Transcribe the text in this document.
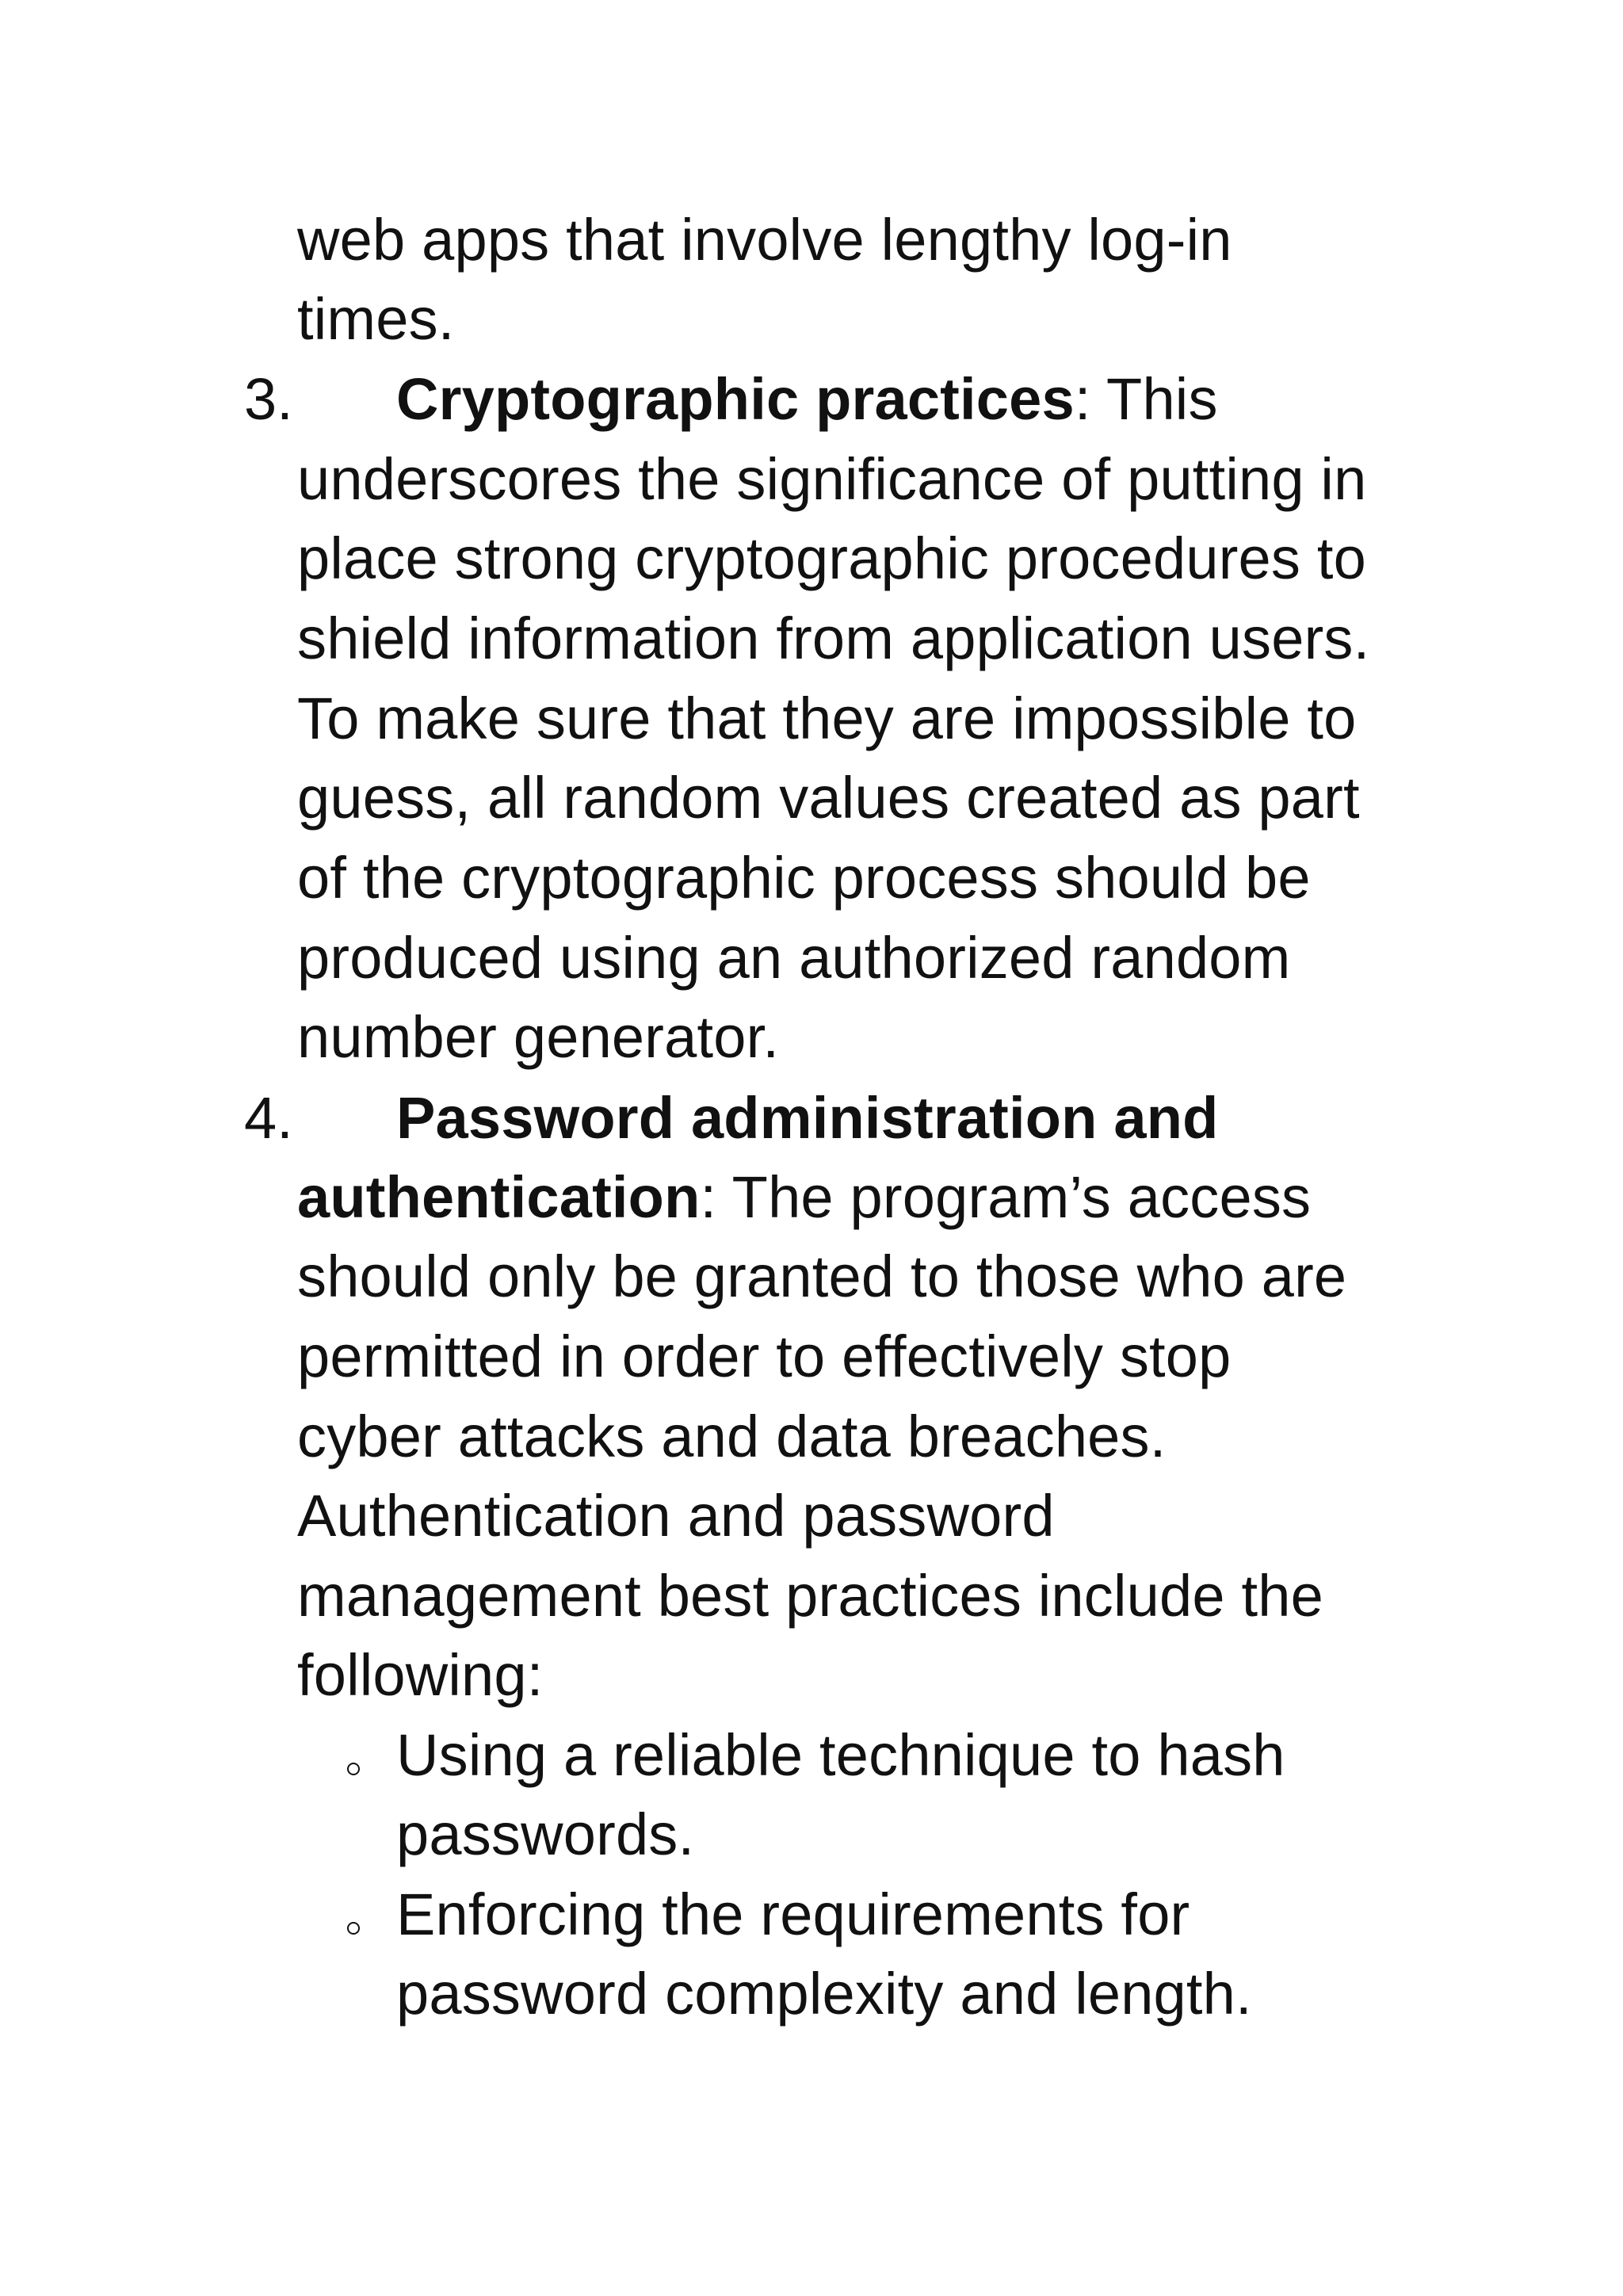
web apps that involve lengthy log-in
times.
3. Cryptographic practices: This
underscores the significance of putting in
place strong cryptographic procedures to
shield information from application users.
To make sure that they are impossible to
guess, all random values created as part
of the cryptographic process should be
produced using an authorized random
number generator.
4. Password administration and
authentication: The program’s access
should only be granted to those who are
permitted in order to effectively stop
cyber attacks and data breaches.
Authentication and password
management best practices include the
following:
Using a reliable technique to hash
passwords.
Enforcing the requirements for
password complexity and length.
